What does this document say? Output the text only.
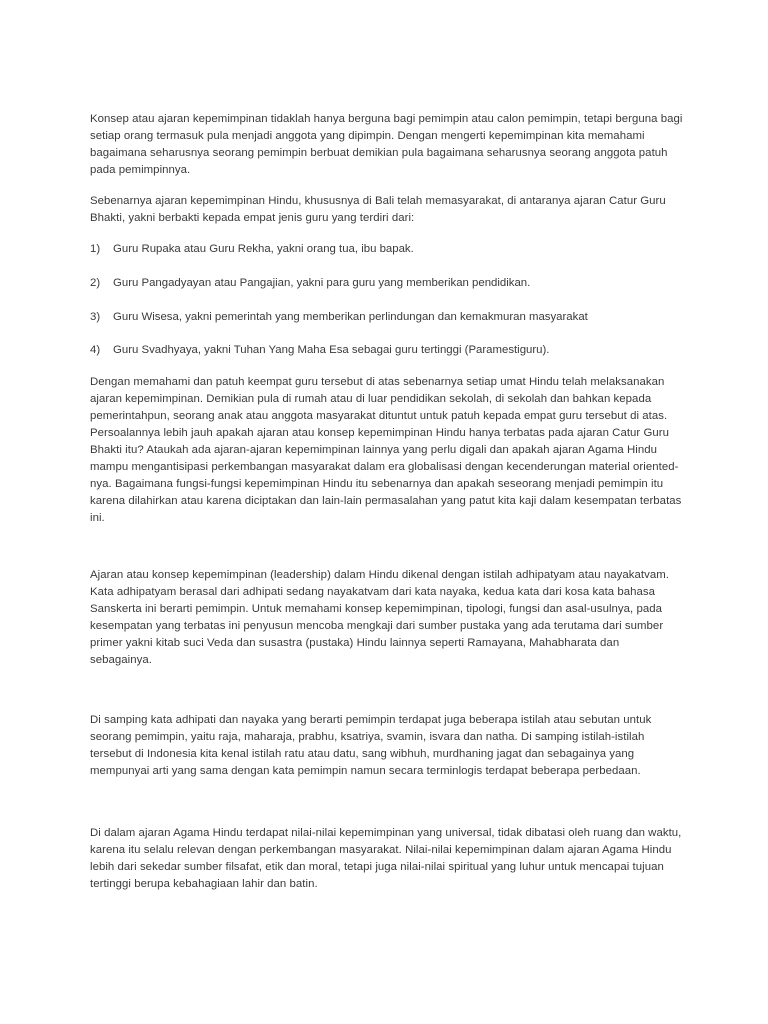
Konsep atau ajaran kepemimpinan tidaklah hanya berguna bagi pemimpin atau calon pemimpin, tetapi berguna bagi
setiap orang termasuk pula menjadi anggota yang dipimpin. Dengan mengerti kepemimpinan kita memahami
bagaimana seharusnya seorang pemimpin berbuat demikian pula bagaimana seharusnya seorang anggota patuh
pada pemimpinnya.

Sebenarnya ajaran kepemimpinan Hindu, khususnya di Bali telah memasyarakat, di antaranya ajaran Catur Guru
Bhakti, yakni berbakti kepada empat jenis guru yang terdiri dari:

1) Guru Rupaka atau Guru Rekha, yakni orang tua, ibu bapak.
2) Guru Pangadyayan atau Pangajian, yakni para guru yang memberikan pendidikan.
3) Guru Wisesa, yakni pemerintah yang memberikan perlindungan dan kemakmuran masyarakat
4) Guru Svadhyaya, yakni Tuhan Yang Maha Esa sebagai guru tertinggi (Paramestiguru).

Dengan memahami dan patuh keempat guru tersebut di atas sebenarnya setiap umat Hindu telah melaksanakan
ajaran kepemimpinan. Demikian pula di rumah atau di luar pendidikan sekolah, di sekolah dan bahkan kepada
pemerintahpun, seorang anak atau anggota masyarakat dituntut untuk patuh kepada empat guru tersebut di atas.
Persoalannya lebih jauh apakah ajaran atau konsep kepemimpinan Hindu hanya terbatas pada ajaran Catur Guru
Bhakti itu? Ataukah ada ajaran-ajaran kepemimpinan lainnya yang perlu digali dan apakah ajaran Agama Hindu
mampu mengantisipasi perkembangan masyarakat dalam era globalisasi dengan kecenderungan material oriented-
nya. Bagaimana fungsi-fungsi kepemimpinan Hindu itu sebenarnya dan apakah seseorang menjadi pemimpin itu
karena dilahirkan atau karena diciptakan dan lain-lain permasalahan yang patut kita kaji dalam kesempatan terbatas
ini.

Ajaran atau konsep kepemimpinan (leadership) dalam Hindu dikenal dengan istilah adhipatyam atau nayakatvam.
Kata adhipatyam berasal dari adhipati sedang nayakatvam dari kata nayaka, kedua kata dari kosa kata bahasa
Sanskerta ini berarti pemimpin. Untuk memahami konsep kepemimpinan, tipologi, fungsi dan asal-usulnya, pada
kesempatan yang terbatas ini penyusun mencoba mengkaji dari sumber pustaka yang ada terutama dari sumber
primer yakni kitab suci Veda dan susastra (pustaka) Hindu lainnya seperti Ramayana, Mahabharata dan
sebagainya.

Di samping kata adhipati dan nayaka yang berarti pemimpin terdapat juga beberapa istilah atau sebutan untuk
seorang pemimpin, yaitu raja, maharaja, prabhu, ksatriya, svamin, isvara dan natha. Di samping istilah-istilah
tersebut di Indonesia kita kenal istilah ratu atau datu, sang wibhuh, murdhaning jagat dan sebagainya yang
mempunyai arti yang sama dengan kata pemimpin namun secara terminlogis terdapat beberapa perbedaan.

Di dalam ajaran Agama Hindu terdapat nilai-nilai kepemimpinan yang universal, tidak dibatasi oleh ruang dan waktu,
karena itu selalu relevan dengan perkembangan masyarakat. Nilai-nilai kepemimpinan dalam ajaran Agama Hindu
lebih dari sekedar sumber filsafat, etik dan moral, tetapi juga nilai-nilai spiritual yang luhur untuk mencapai tujuan
tertinggi berupa kebahagiaan lahir dan batin.
